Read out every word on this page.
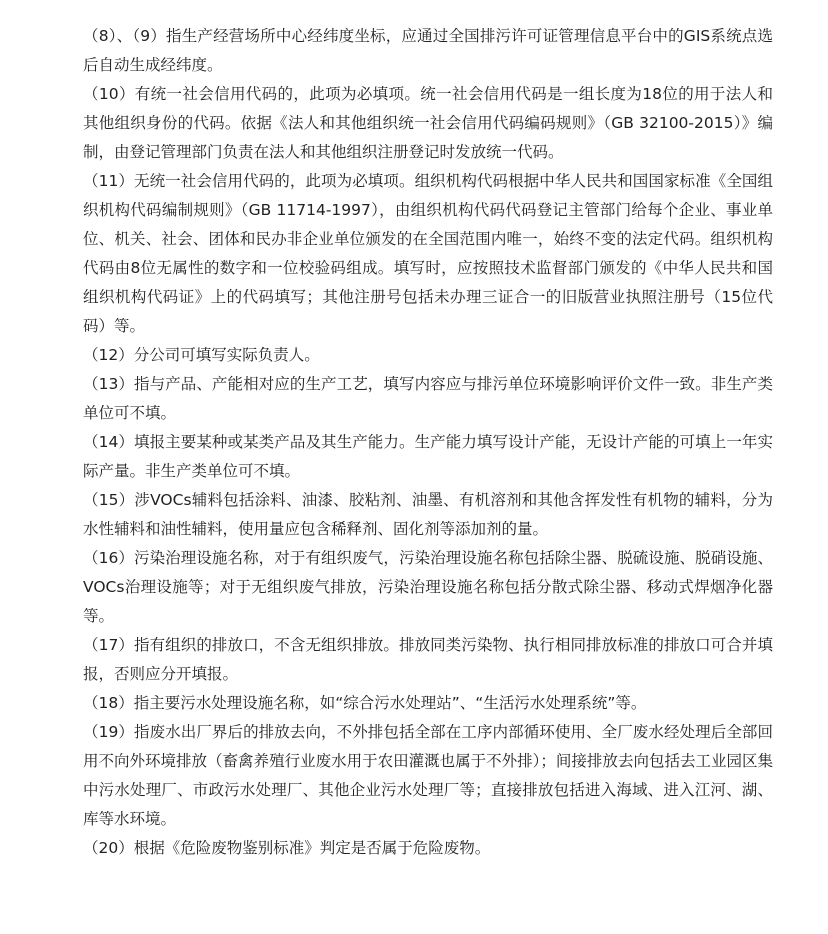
（8）、（9）指生产经营场所中心经纬度坐标，应通过全国排污许可证管理信息平台中的GIS系统点选后自动生成经纬度。

（10）有统一社会信用代码的，此项为必填项。统一社会信用代码是一组长度为18位的用于法人和其他组织身份的代码。依据《法人和其他组织统一社会信用代码编码规则》（GB 32100-2015）》编制，由登记管理部门负责在法人和其他组织注册登记时发放统一代码。

（11）无统一社会信用代码的，此项为必填项。组织机构代码根据中华人民共和国国家标准《全国组织机构代码编制规则》（GB 11714-1997），由组织机构代码代码登记主管部门给每个企业、事业单位、机关、社会、团体和民办非企业单位颁发的在全国范围内唯一，始终不变的法定代码。组织机构代码由8位无属性的数字和一位校验码组成。填写时，应按照技术监督部门颁发的《中华人民共和国组织机构代码证》上的代码填写；其他注册号包括未办理三证合一的旧版营业执照注册号（15位代码）等。

（12）分公司可填写实际负责人。

（13）指与产品、产能相对应的生产工艺，填写内容应与排污单位环境影响评价文件一致。非生产类单位可不填。

（14）填报主要某种或某类产品及其生产能力。生产能力填写设计产能，无设计产能的可填上一年实际产量。非生产类单位可不填。

（15）涉VOCs辅料包括涂料、油漆、胶粘剂、油墨、有机溶剂和其他含挥发性有机物的辅料，分为水性辅料和油性辅料，使用量应包含稀释剂、固化剂等添加剂的量。

（16）污染治理设施名称，对于有组织废气，污染治理设施名称包括除尘器、脱硫设施、脱硝设施、VOCs治理设施等；对于无组织废气排放，污染治理设施名称包括分散式除尘器、移动式焊烟净化器等。

（17）指有组织的排放口，不含无组织排放。排放同类污染物、执行相同排放标准的排放口可合并填报，否则应分开填报。

（18）指主要污水处理设施名称，如“综合污水处理站”、“生活污水处理系统”等。

（19）指废水出厂界后的排放去向，不外排包括全部在工序内部循环使用、全厂废水经处理后全部回用不向外环境排放（畜禽养殖行业废水用于农田灌溉也属于不外排）；间接排放去向包括去工业园区集中污水处理厂、市政污水处理厂、其他企业污水处理厂等；直接排放包括进入海域、进入江河、湖、库等水环境。

（20）根据《危险废物鉴别标准》判定是否属于危险废物。
